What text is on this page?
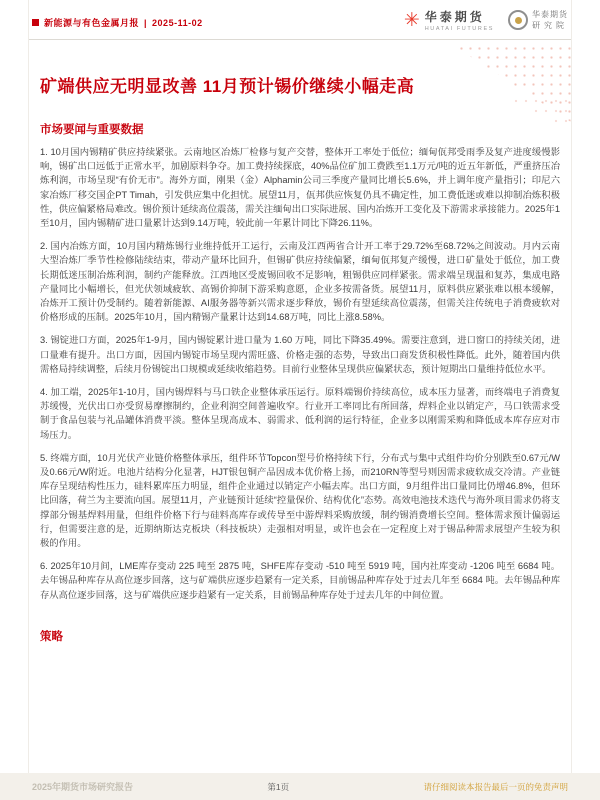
新能源与有色金属月报 | 2025-11-02	✳ 华泰期货
HUATAI FUTURES
华泰期货
研究院
矿端供应无明显改善 11月预计锡价继续小幅走高
市场要闻与重要数据

1. 10月国内锡精矿供应持续紧张。云南地区冶炼厂检修与复产交替，整体开工率处于低位；缅甸佤邦受雨季及复产进度缓慢影响，锡矿出口远低于正常水平，加剧原料争夺。加工费持续探底，40%品位矿加工费跌至1.1万元/吨的近五年新低，严重挤压冶炼利润，市场呈现“有价无市”。海外方面，刚果（金）Alphamin公司三季度产量同比增长5.6%，并上调年度产量指引；印尼六家冶炼厂移交国企PT Timah，引发供应集中化担忧。展望11月，佤邦供应恢复仍具不确定性，加工费低迷或难以抑制冶炼积极性，供应偏紧格局难改。锡价预计延续高位震荡，需关注缅甸出口实际进展、国内冶炼开工变化及下游需求承接能力。2025年1至10月，国内锡精矿进口量累计达到9.14万吨，较此前一年累计同比下降26.11%。

2. 国内冶炼方面，10月国内精炼锡行业维持低开工运行，云南及江西两省合计开工率于29.72%至68.72%之间波动。月内云南大型冶炼厂季节性检修陆续结束，带动产量环比回升，但锡矿供应持续偏紧，缅甸佤邦复产缓慢，进口矿量处于低位，加工费长期低迷压制冶炼利润，制约产能释放。江西地区受废锡回收不足影响，粗锡供应同样紧张。需求端呈现温和复苏，集成电路产量同比小幅增长，但光伏领域疲软、高锡价抑制下游采购意愿，企业多按需备货。展望11月，原料供应紧张难以根本缓解，冶炼开工预计仍受制约。随着新能源、AI服务器等新兴需求逐步释放，锡价有望延续高位震荡，但需关注传统电子消费疲软对价格形成的压制。2025年10月，国内精锡产量累计达到14.68万吨，同比上涨8.58%。

3. 锡锭进口方面，2025年1-9月，国内锡锭累计进口量为 1.60 万吨，同比下降35.49%。需要注意到，进口窗口的持续关闭，进口量难有提升。出口方面，因国内锡锭市场呈现内需旺盛、价格走强的态势，导致出口商发货积极性降低。此外，随着国内供需格局持续调整，后续月份锡锭出口规模或延续收缩趋势。目前行业整体呈现供应偏紧状态，预计短期出口量维持低位水平。

4. 加工端，2025年1-10月，国内锡焊料与马口铁企业整体承压运行。原料端锡价持续高位，成本压力显著，而终端电子消费复苏缓慢，光伏出口亦受贸易摩擦制约，企业利润空间普遍收窄。行业开工率同比有所回落，焊料企业以销定产，马口铁需求受制于食品包装与礼品罐体消费平淡。整体呈现高成本、弱需求、低利润的运行特征，企业多以刚需采购和降低成本库存应对市场压力。

5. 终端方面，10月光伏产业链价格整体承压，组件环节Topcon型号价格持续下行，分布式与集中式组件均价分别跌至0.67元/W及0.66元/W附近。电池片结构分化显著，HJT银包铜产品因成本优价格上扬，而210RN等型号则因需求疲软成交冷清。产业链库存呈现结构性压力，硅料累库压力明显，组件企业通过以销定产小幅去库。出口方面，9月组件出口量同比仍增46.8%，但环比回落，荷兰为主要流向国。展望11月，产业链预计延续“控量保价、结构优化”态势。高效电池技术迭代与海外项目需求仍将支撑部分锡基焊料用量，但组件价格下行与硅料高库存或传导至中游焊料采购放缓，制约锡消费增长空间。整体需求预计偏弱运行，但需要注意的是，近期纳斯达克板块（科技板块）走强相对明显，或许也会在一定程度上对于锡品种需求展望产生较为积极的作用。

6. 2025年10月间，LME库存变动 225 吨至 2875 吨，SHFE库存变动 -510 吨至 5919 吨，国内社库变动 -1206 吨至 6684 吨。去年锡品种库存从高位逐步回落，这与矿端供应逐步趋紧有一定关系，目前锡品种库存处于过去几年至 6684 吨。去年锡品种库存从高位逐步回落，这与矿端供应逐步趋紧有一定关系，目前锡品种库存处于过去几年的中间位置。

策略
2025年期货市场研究报告	第1页	请仔细阅读本报告最后一页的免责声明
